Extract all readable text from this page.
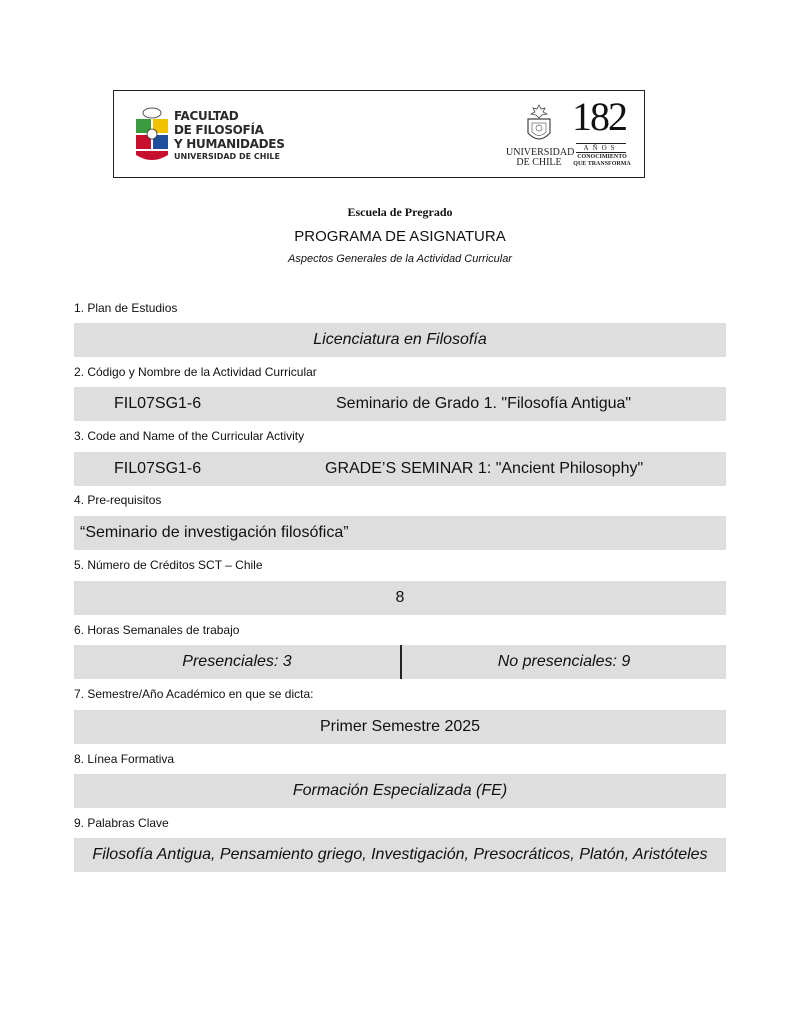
FACULTAD
DE FILOSOFÍA
Y HUMANIDADES
UNIVERSIDAD DE CHILE	UNIVERSIDAD
DE CHILE
182
AÑOS
CONOCIMIENTO
QUE TRANSFORMA
Escuela de Pregrado
PROGRAMA DE ASIGNATURA
Aspectos Generales de la Actividad Curricular
1. Plan de Estudios
Licenciatura en Filosofía
2. Código y Nombre de la Actividad Curricular
FIL07SG1-6	Seminario de Grado 1. "Filosofía Antigua"
3. Code and Name of the Curricular Activity
FIL07SG1-6	GRADE’S SEMINAR 1: "Ancient Philosophy"
4. Pre-requisitos
“Seminario de investigación filosófica”
5. Número de Créditos SCT – Chile
8
6. Horas Semanales de trabajo
Presenciales: 3	No presenciales: 9
7. Semestre/Año Académico en que se dicta:
Primer Semestre 2025
8. Línea Formativa
Formación Especializada (FE)
9. Palabras Clave
Filosofía Antigua, Pensamiento griego, Investigación, Presocráticos, Platón, Aristóteles
